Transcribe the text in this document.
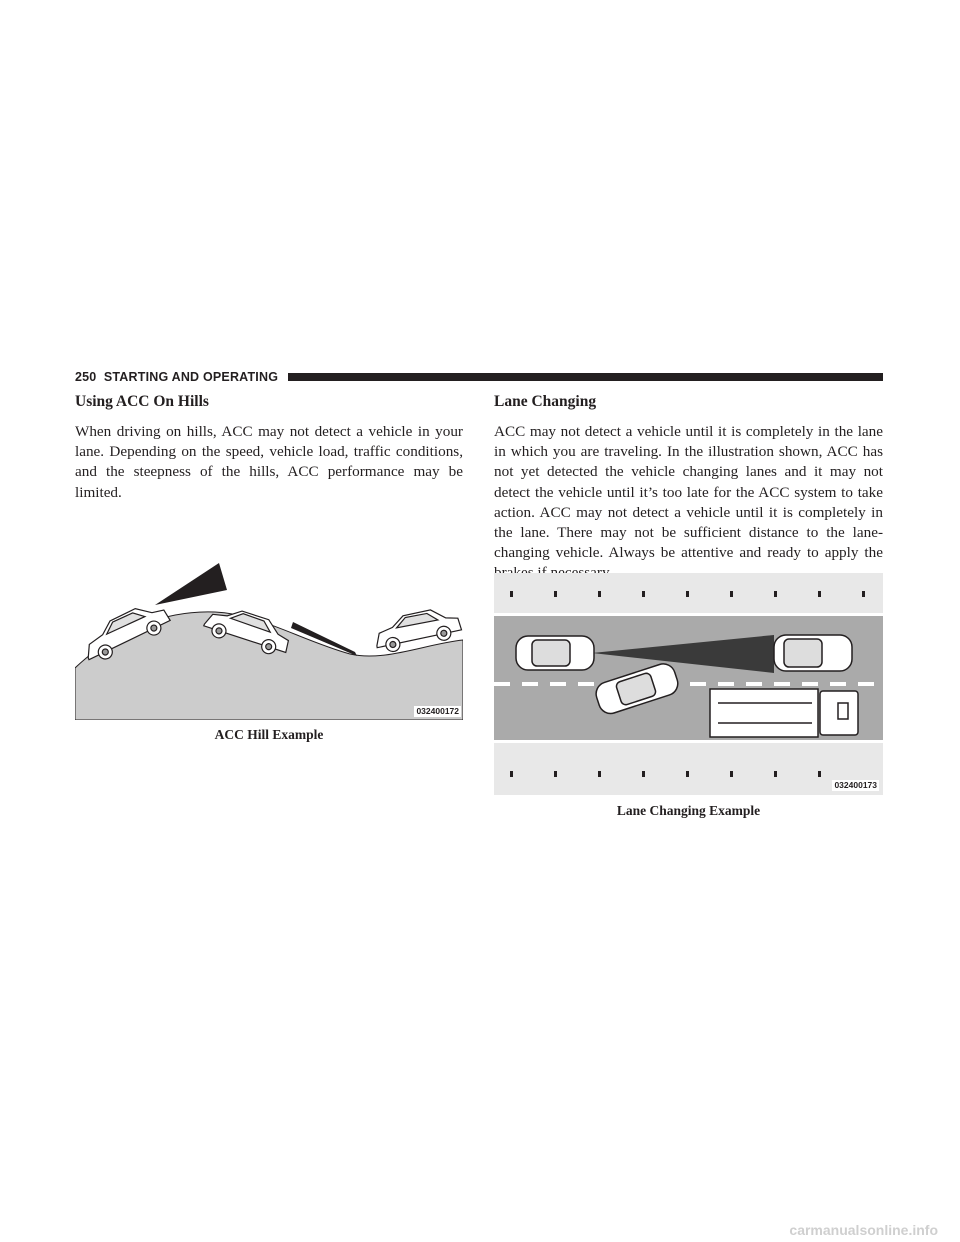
250 STARTING AND OPERATING
Using ACC On Hills

When driving on hills, ACC may not detect a vehicle in your lane. Depending on the speed, vehicle load, traffic conditions, and the steepness of the hills, ACC performance may be limited.

032400172
ACC Hill Example
Lane Changing

ACC may not detect a vehicle until it is completely in the lane in which you are traveling. In the illustration shown, ACC has not yet detected the vehicle changing lanes and it may not detect the vehicle until it’s too late for the ACC system to take action. ACC may not detect a vehicle until it is completely in the lane. There may not be sufficient distance to the lane-changing vehicle. Always be attentive and ready to apply the

032400173
Lane Changing Example
carmanualsonline.info
